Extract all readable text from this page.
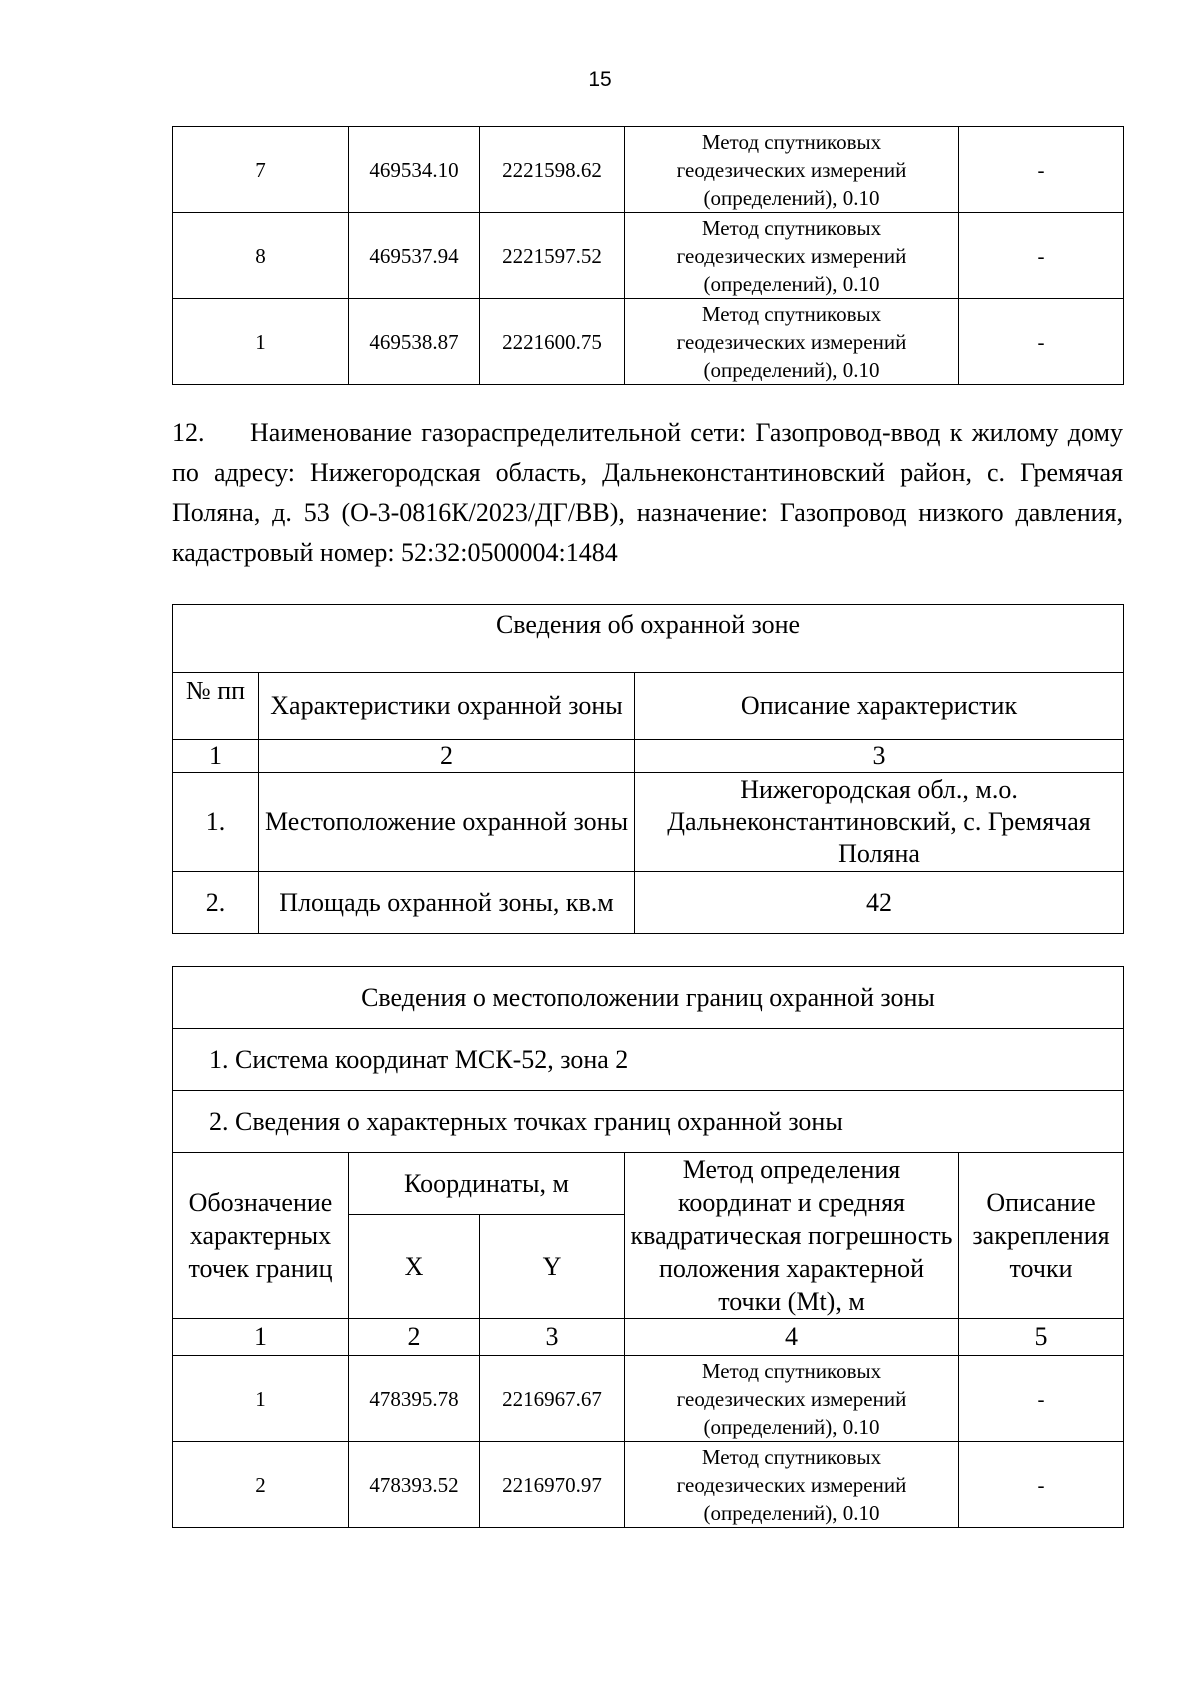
15
7	469534.10	2221598.62	Метод спутниковых
геодезических измерений
(определений), 0.10	-
8	469537.94	2221597.52	Метод спутниковых
геодезических измерений
(определений), 0.10	-
1	469538.87	2221600.75	Метод спутниковых
геодезических измерений
(определений), 0.10	-
12. Наименование газораспределительной сети: Газопровод-ввод к жилому дому по адресу: Нижегородская область, Дальнеконстантиновский район, с. Гремячая Поляна, д. 53 (О-3-0816К/2023/ДГ/ВВ), назначение: Газопровод низкого давления, кадастровый номер: 52:32:0500004:1484
Сведения об охранной зоне		
№ пп	Характеристики охранной зоны	Описание характеристик
1	2	3
1.	Местоположение охранной зоны	Нижегородская обл., м.о. Дальнеконстантиновский, с. Гремячая Поляна
2.	Площадь охранной зоны, кв.м	42
Сведения о местоположении границ охранной зоны				
1. Система координат МСК-52, зона 2				
2. Сведения о характерных точках границ охранной зоны				
Обозначение характерных точек границ	Координаты, м		Метод определения координат и средняя квадратическая погрешность положения характерной точки (Mt), м	Описание закрепления точки
	X	Y		
1	2	3	4	5
1	478395.78	2216967.67	Метод спутниковых
геодезических измерений
(определений), 0.10	-
2	478393.52	2216970.97	Метод спутниковых
геодезических измерений
(определений), 0.10	-
